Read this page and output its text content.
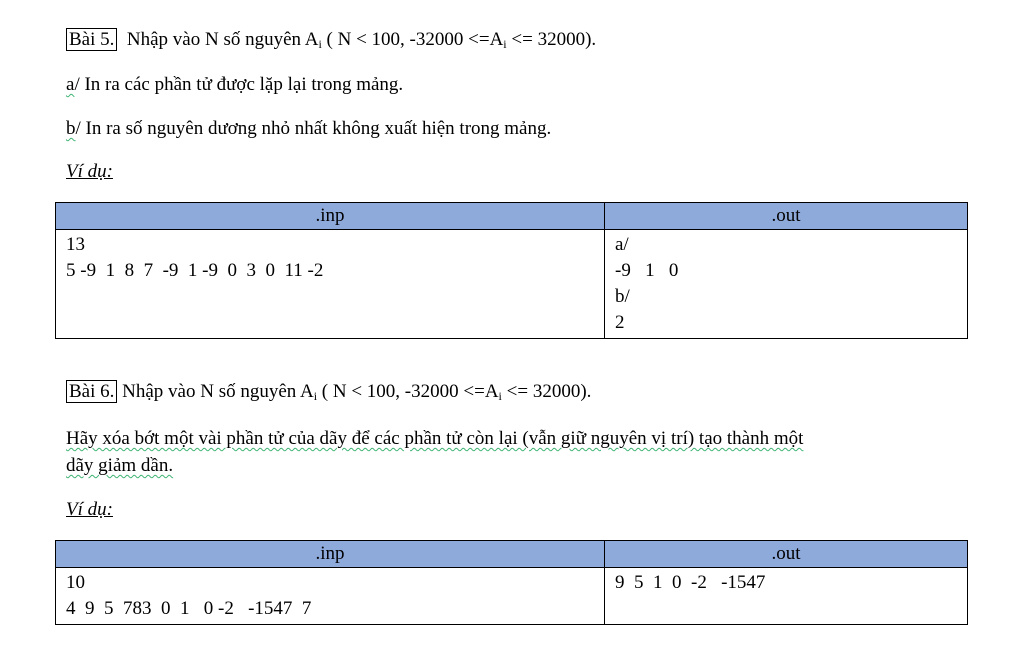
Bài 5. Nhập vào N số nguyên $A_i$ ( N < 100, $-32000 <=A_i <= 32000$).
a/ In ra các phần tử được lặp lại trong mảng.
b/ In ra số nguyên dương nhỏ nhất không xuất hiện trong mảng.
Ví dụ:
.inp	.out

13
5 -9  1  8  7  -9  1 -9  0  3  0  11 -2	a/
-9   1   0
b/
2
Bài 6. Nhập vào N số nguyên $A_i$ ( N < 100, $-32000 <=A_i <= 32000$).
Hãy xóa bớt một vài phần tử của dãy để các phần tử còn lại (vẫn giữ nguyên vị trí) tạo thành một
dãy giảm dần.
Ví dụ:
.inp	.out

10
4  9  5  783  0  1   0 -2   -1547  7	9  5  1  0  -2   -1547
